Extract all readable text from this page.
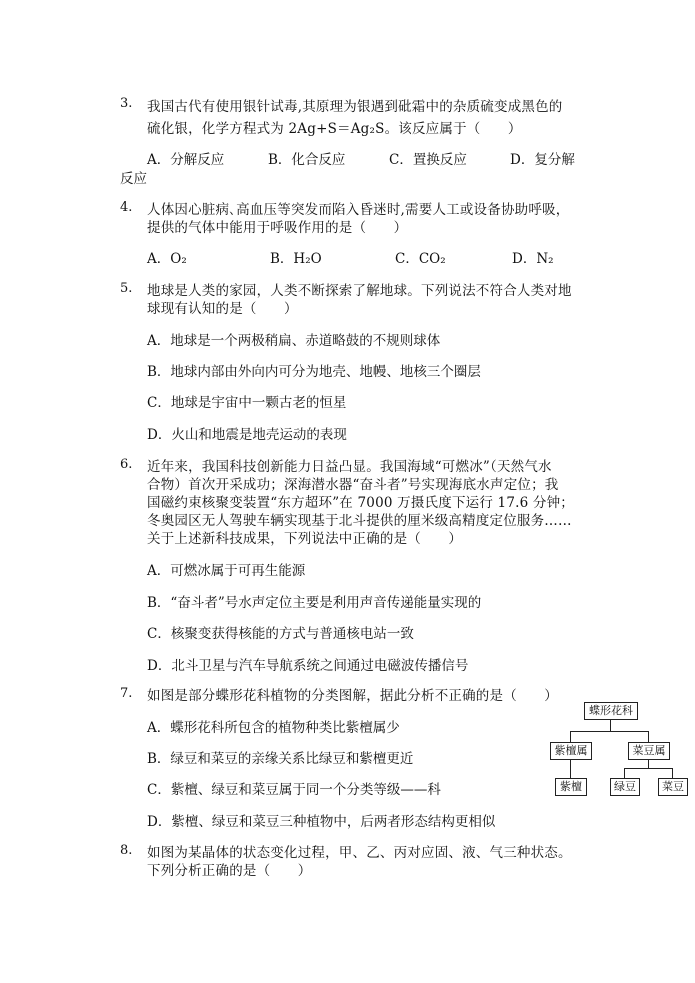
3. 我国古代有使用银针试毒,其原理为银遇到砒霜中的杂质硫变成黑色的
硫化银，化学方程式为 2Ag+S＝Ag₂S。该反应属于（　　）
A．分解反应	B．化合反应	C．置换反应	D．复分解
反应
4. 人体因心脏病､高血压等突发而陷入昏迷时,需要人工或设备协助呼吸，
提供的气体中能用于呼吸作用的是（　　）
A．O₂	B．H₂O	C．CO₂	D．N₂
5. 地球是人类的家园，人类不断探索了解地球。下列说法不符合人类对地
球现有认知的是（　　）
A．地球是一个两极稍扁、赤道略鼓的不规则球体
B．地球内部由外向内可分为地壳、地幔、地核三个圈层
C．地球是宇宙中一颗古老的恒星
D．火山和地震是地壳运动的表现
6. 近年来，我国科技创新能力日益凸显。我国海域“可燃冰”（天然气水
合物）首次开采成功；深海潜水器“奋斗者”号实现海底水声定位；我
国磁约束核聚变装置“东方超环”在 7000 万摄氏度下运行 17.6 分钟；
冬奥园区无人驾驶车辆实现基于北斗提供的厘米级高精度定位服务……
关于上述新科技成果，下列说法中正确的是（　　）
A．可燃冰属于可再生能源
B．“奋斗者”号水声定位主要是利用声音传递能量实现的
C．核聚变获得核能的方式与普通核电站一致
D．北斗卫星与汽车导航系统之间通过电磁波传播信号
7. 如图是部分蝶形花科植物的分类图解，据此分析不正确的是（　　）
A．蝶形花科所包含的植物种类比紫檀属少
B．绿豆和菜豆的亲缘关系比绿豆和紫檀更近
C．紫檀、绿豆和菜豆属于同一个分类等级——科
D．紫檀、绿豆和菜豆三种植物中，后两者形态结构更相似
蝶形花科
紫檀属	菜豆属
紫檀	绿豆	菜豆
8. 如图为某晶体的状态变化过程，甲、乙、丙对应固、液、气三种状态。
下列分析正确的是（　　）
